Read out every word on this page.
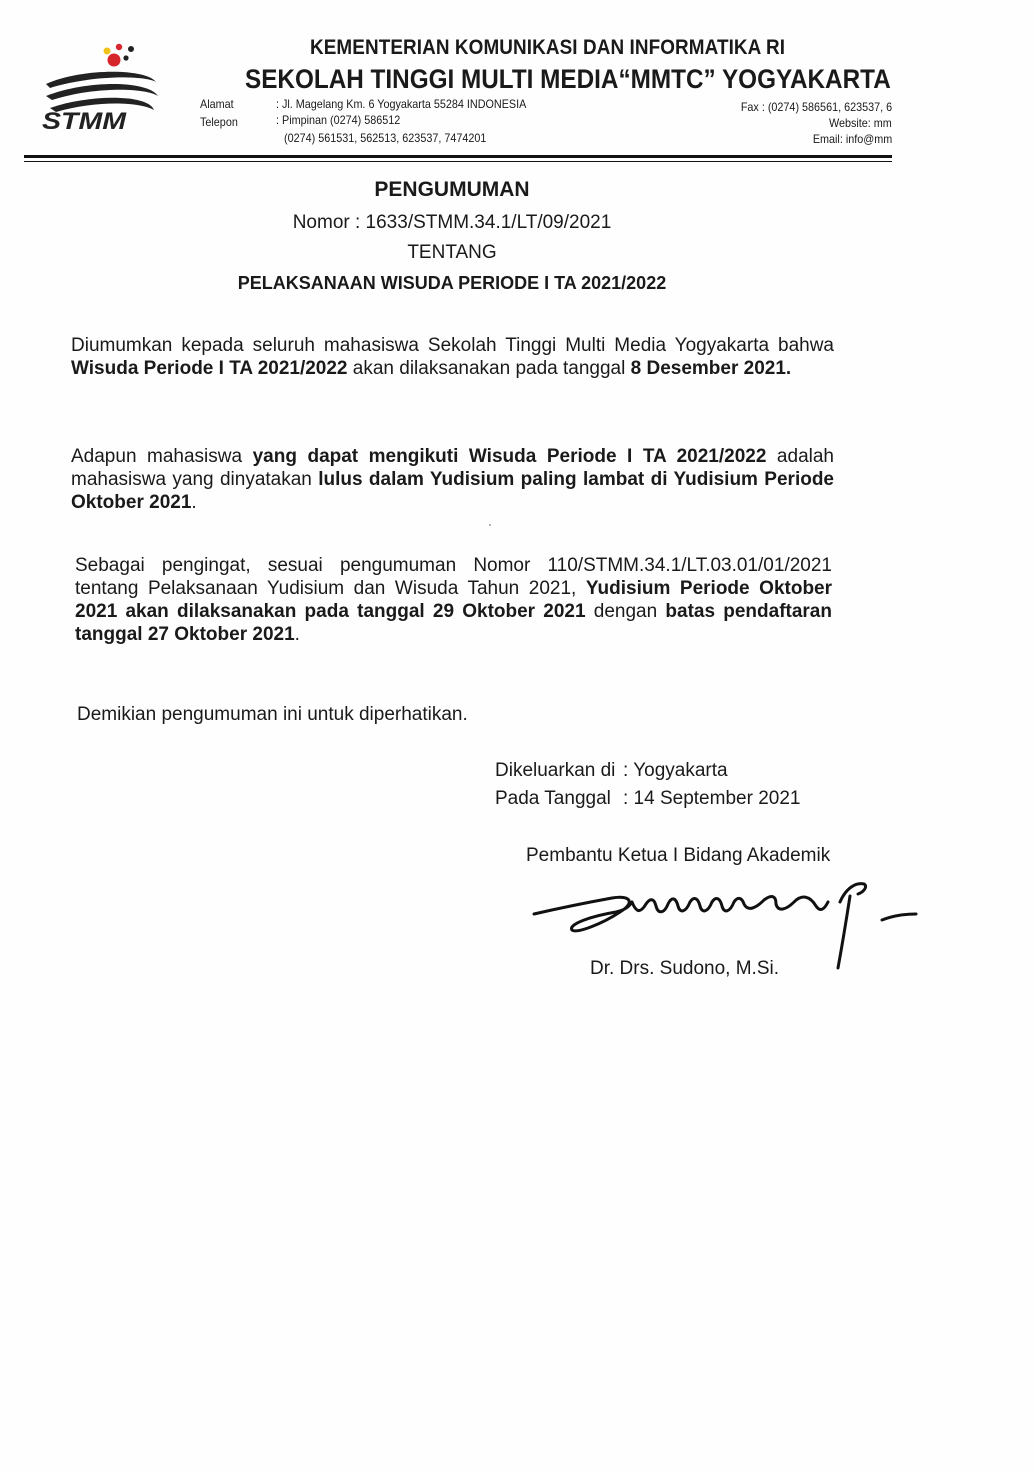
STMM
KEMENTERIAN KOMUNIKASI DAN INFORMATIKA RI
SEKOLAH TINGGI MULTI MEDIA“MMTC” YOGYAKARTA
Alamat	: Jl. Magelang Km. 6 Yogyakarta 55284 INDONESIA
Telepon	: Pimpinan (0274) 586512
(0274) 561531, 562513, 623537, 7474201
Fax : (0274) 586561, 623537, 6
Website: mm
Email: info@mm
PENGUMUMAN
Nomor : 1633/STMM.34.1/LT/09/2021
TENTANG
PELAKSANAAN WISUDA PERIODE I TA 2021/2022
Diumumkan kepada seluruh mahasiswa Sekolah Tinggi Multi Media Yogyakarta bahwa Wisuda Periode I TA 2021/2022 akan dilaksanakan pada tanggal 8 Desember 2021.
Adapun mahasiswa yang dapat mengikuti Wisuda Periode I TA 2021/2022 adalah mahasiswa yang dinyatakan lulus dalam Yudisium paling lambat di Yudisium Periode Oktober 2021.
Sebagai pengingat, sesuai pengumuman Nomor 110/STMM.34.1/LT.03.01/01/2021 tentang Pelaksanaan Yudisium dan Wisuda Tahun 2021, Yudisium Periode Oktober 2021 akan dilaksanakan pada tanggal 29 Oktober 2021 dengan batas pendaftaran tanggal 27 Oktober 2021.
Demikian pengumuman ini untuk diperhatikan.
Dikeluarkan di : Yogyakarta
Pada Tanggal : 14 September 2021
Pembantu Ketua I Bidang Akademik
Dr. Drs. Sudono, M.Si.
